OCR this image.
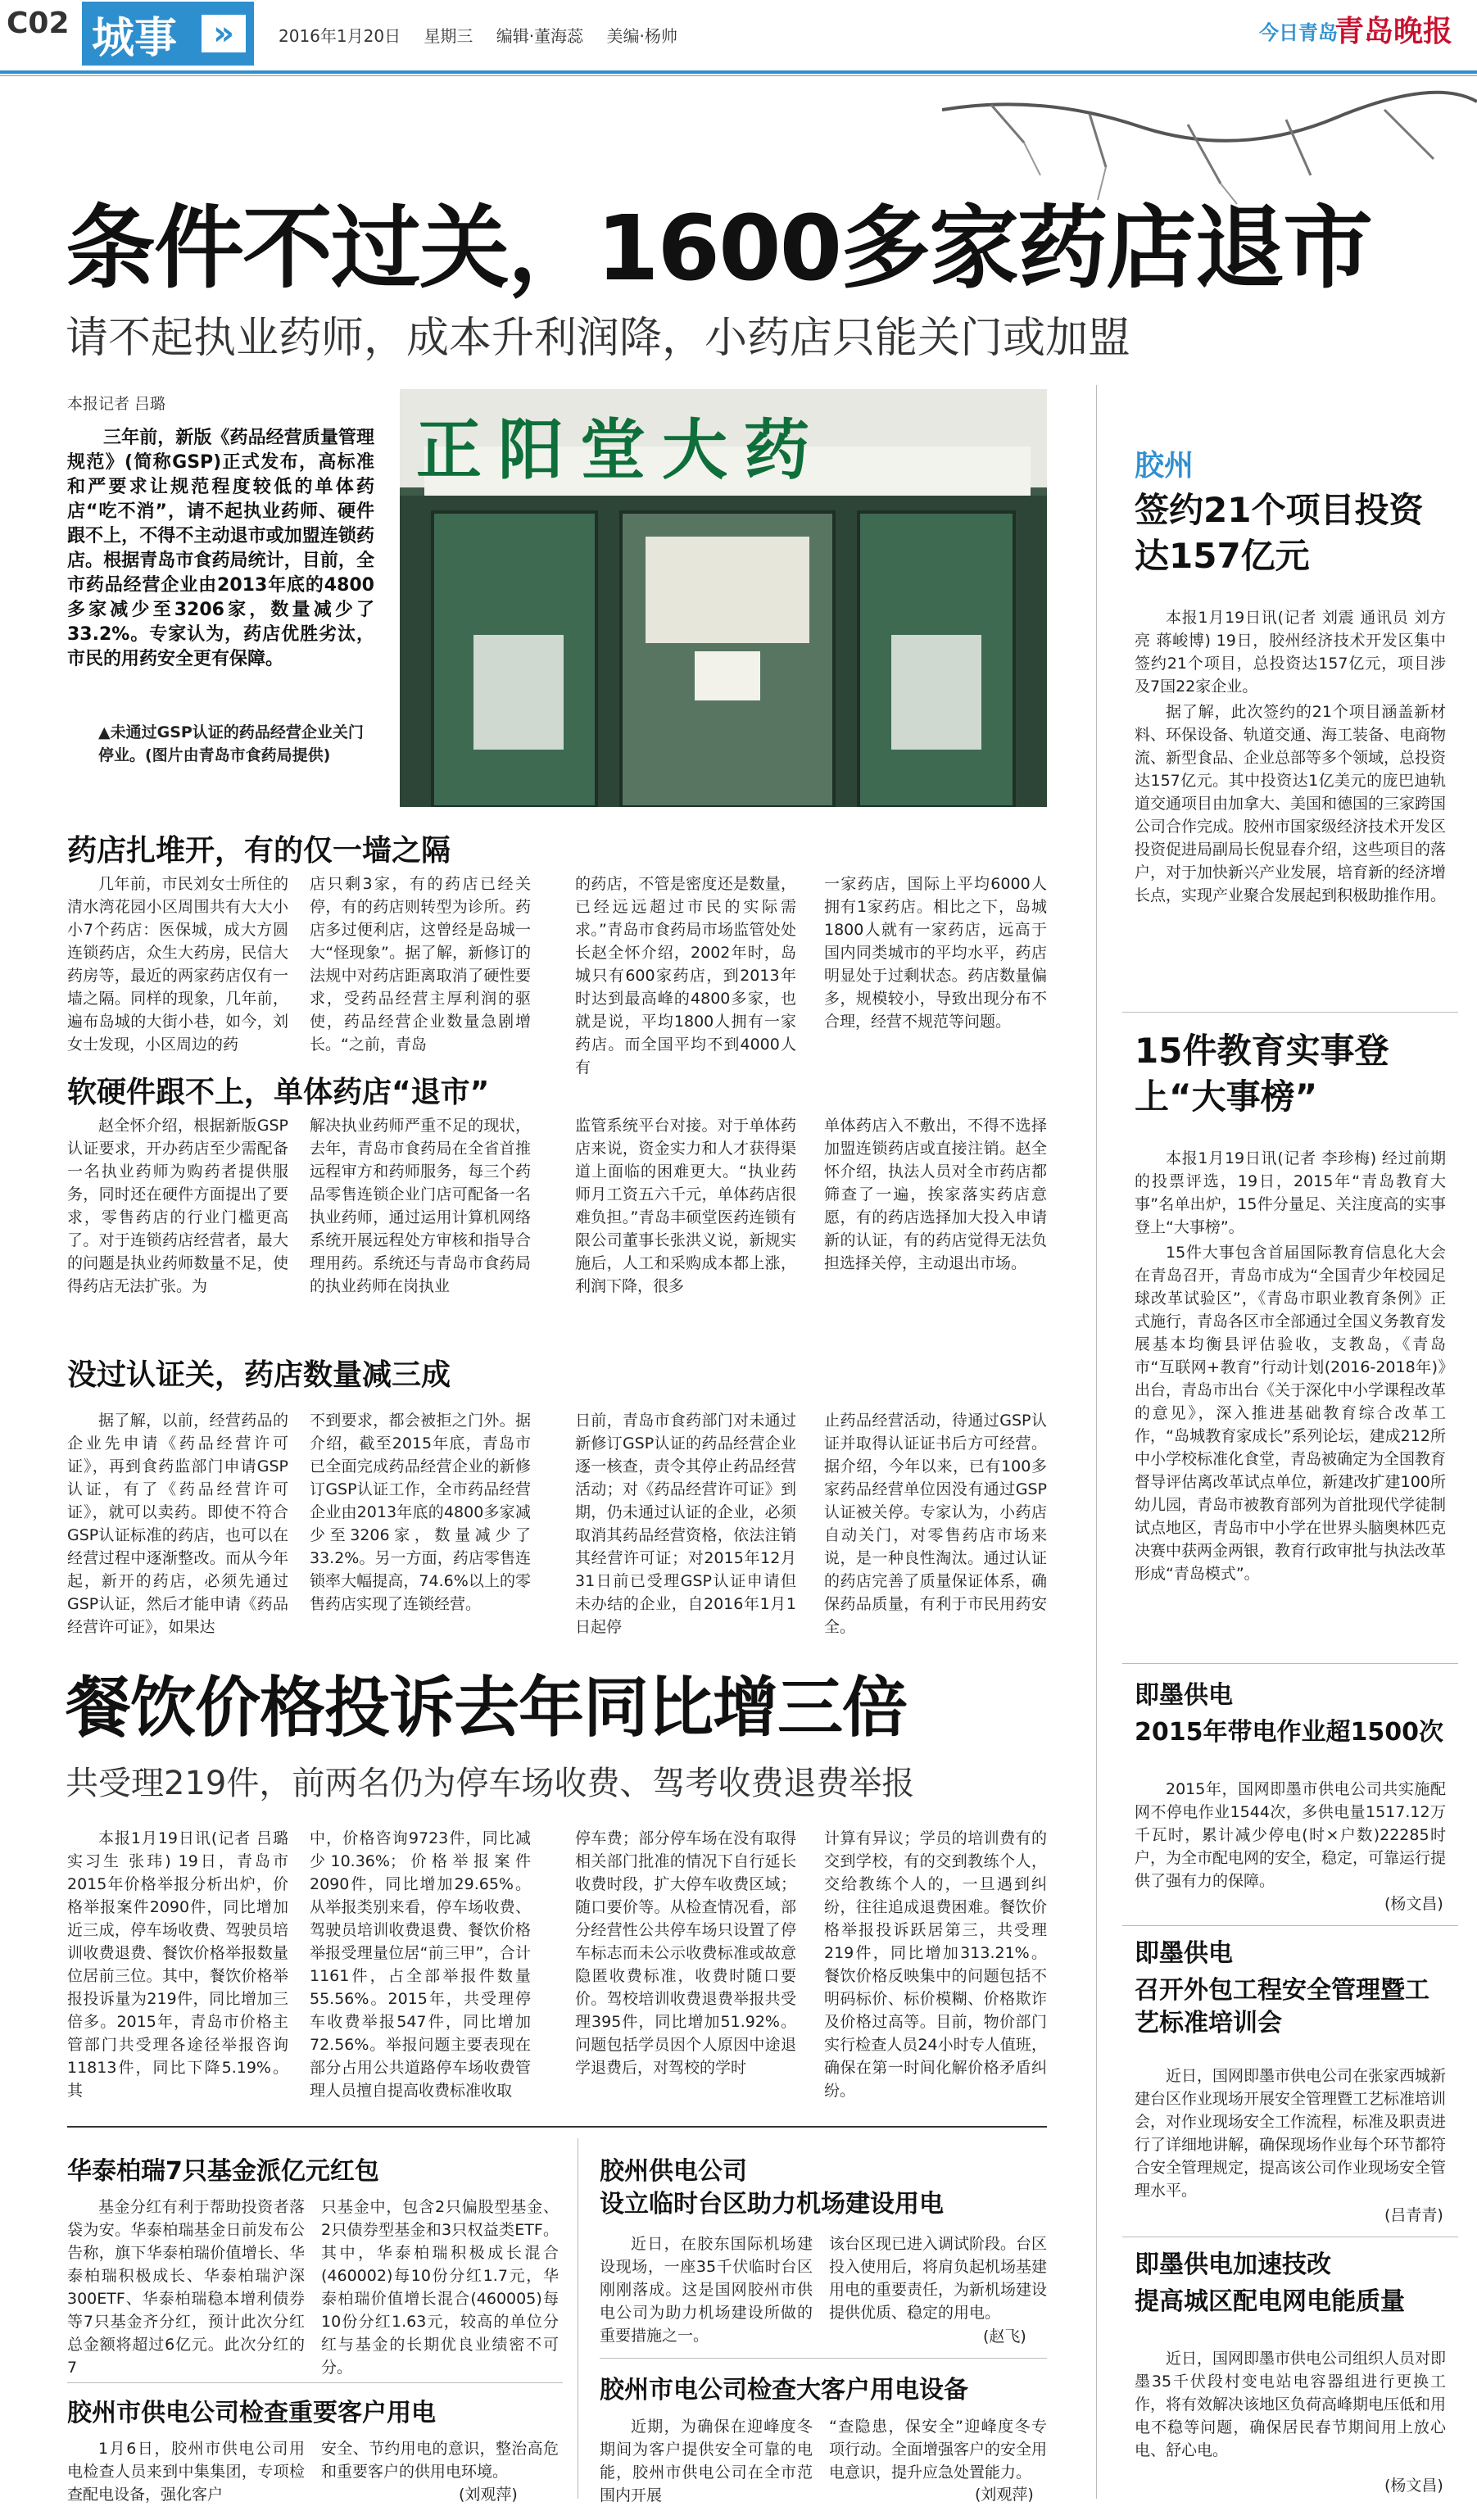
C02 城事	»	2016年1月20日 星期三 编辑·董海蕊 美编·杨帅	今日青岛
青岛晚报
条件不过关，1600多家药店退市
请不起执业药师，成本升利润降，小药店只能关门或加盟
本报记者 吕璐
三年前，新版《药品经营质量管理规范》(简称GSP)正式发布，高标准和严要求让规范程度较低的单体药店“吃不消”，请不起执业药师、硬件跟不上，不得不主动退市或加盟连锁药店。根据青岛市食药局统计，目前，全市药品经营企业由2013年底的4800多家减少至3206家，数量减少了33.2%。专家认为，药店优胜劣汰，市民的用药安全更有保障。
▲未通过GSP认证的药品经营企业关门停业。(图片由青岛市食药局提供)
正阳堂大药
药店扎堆开，有的仅一墙之隔
几年前，市民刘女士所住的清水湾花园小区周围共有大大小小7个药店：医保城，成大方圆连锁药店，众生大药房，民信大药房等，最近的两家药店仅有一墙之隔。同样的现象，几年前，遍布岛城的大街小巷，如今，刘女士发现，小区周边的药
店只剩3家，有的药店已经关停，有的药店则转型为诊所。药店多过便利店，这曾经是岛城一大“怪现象”。据了解，新修订的法规中对药店距离取消了硬性要求，受药品经营主厚利润的驱使，药品经营企业数量急剧增长。“之前，青岛
的药店，不管是密度还是数量，已经远远超过市民的实际需求。”青岛市食药局市场监管处处长赵全怀介绍，2002年时，岛城只有600家药店，到2013年时达到最高峰的4800多家，也就是说，平均1800人拥有一家药店。而全国平均不到4000人有
一家药店，国际上平均6000人拥有1家药店。相比之下，岛城1800人就有一家药店，远高于国内同类城市的平均水平，药店明显处于过剩状态。药店数量偏多，规模较小，导致出现分布不合理，经营不规范等问题。
软硬件跟不上，单体药店“退市”
赵全怀介绍，根据新版GSP认证要求，开办药店至少需配备一名执业药师为购药者提供服务，同时还在硬件方面提出了要求，零售药店的行业门槛更高了。对于连锁药店经营者，最大的问题是执业药师数量不足，使得药店无法扩张。为
解决执业药师严重不足的现状，去年，青岛市食药局在全省首推远程审方和药师服务，每三个药品零售连锁企业门店可配备一名执业药师，通过运用计算机网络系统开展远程处方审核和指导合理用药。系统还与青岛市食药局的执业药师在岗执业
监管系统平台对接。对于单体药店来说，资金实力和人才获得渠道上面临的困难更大。“执业药师月工资五六千元，单体药店很难负担。”青岛丰硕堂医药连锁有限公司董事长张洪义说，新规实施后，人工和采购成本都上涨，利润下降，很多
单体药店入不敷出，不得不选择加盟连锁药店或直接注销。赵全怀介绍，执法人员对全市药店都筛查了一遍，挨家落实药店意愿，有的药店选择加大投入申请新的认证，有的药店觉得无法负担选择关停，主动退出市场。
没过认证关，药店数量减三成
据了解，以前，经营药品的企业先申请《药品经营许可证》，再到食药监部门申请GSP认证，有了《药品经营许可证》，就可以卖药。即使不符合GSP认证标准的药店，也可以在经营过程中逐渐整改。而从今年起，新开的药店，必须先通过GSP认证，然后才能申请《药品经营许可证》，如果达
不到要求，都会被拒之门外。据介绍，截至2015年底，青岛市已全面完成药品经营企业的新修订GSP认证工作，全市药品经营企业由2013年底的4800多家减少至3206家，数量减少了33.2%。另一方面，药店零售连锁率大幅提高，74.6%以上的零售药店实现了连锁经营。
日前，青岛市食药部门对未通过新修订GSP认证的药品经营企业逐一核查，责令其停止药品经营活动；对《药品经营许可证》到期，仍未通过认证的企业，必须取消其药品经营资格，依法注销其经营许可证；对2015年12月31日前已受理GSP认证申请但未办结的企业，自2016年1月1日起停
止药品经营活动，待通过GSP认证并取得认证证书后方可经营。据介绍，今年以来，已有100多家药品经营单位因没有通过GSP认证被关停。专家认为，小药店自动关门，对零售药店市场来说，是一种良性淘汰。通过认证的药店完善了质量保证体系，确保药品质量，有利于市民用药安全。
胶州
签约21个项目投资达157亿元
本报1月19日讯(记者 刘震 通讯员 刘方亮 蒋峻博) 19日，胶州经济技术开发区集中签约21个项目，总投资达157亿元，项目涉及7国22家企业。
据了解，此次签约的21个项目涵盖新材料、环保设备、轨道交通、海工装备、电商物流、新型食品、企业总部等多个领域，总投资达157亿元。其中投资达1亿美元的庞巴迪轨道交通项目由加拿大、美国和德国的三家跨国公司合作完成。胶州市国家级经济技术开发区投资促进局副局长倪显春介绍，这些项目的落户，对于加快新兴产业发展，培育新的经济增长点，实现产业聚合发展起到积极助推作用。
15件教育实事登上“大事榜”
本报1月19日讯(记者 李珍梅) 经过前期的投票评选，19日，2015年“青岛教育大事”名单出炉，15件分量足、关注度高的实事登上“大事榜”。
15件大事包含首届国际教育信息化大会在青岛召开，青岛市成为“全国青少年校园足球改革试验区”，《青岛市职业教育条例》正式施行，青岛各区市全部通过全国义务教育发展基本均衡县评估验收，支教岛，《青岛市“互联网+教育”行动计划(2016-2018年)》出台，青岛市出台《关于深化中小学课程改革的意见》，深入推进基础教育综合改革工作，“岛城教育家成长”系列论坛，建成212所中小学校标准化食堂，青岛被确定为全国教育督导评估离改革试点单位，新建改扩建100所幼儿园，青岛市被教育部列为首批现代学徒制试点地区，青岛市中小学在世界头脑奥林匹克决赛中获两金两银，教育行政审批与执法改革形成“青岛模式”。
即墨供电
2015年带电作业超1500次
2015年，国网即墨市供电公司共实施配网不停电作业1544次，多供电量1517.12万千瓦时，累计减少停电(时×户数)22285时户，为全市配电网的安全，稳定，可靠运行提供了强有力的保障。
(杨文昌)
即墨供电
召开外包工程安全管理暨工艺标准培训会
近日，国网即墨市供电公司在张家西城新建台区作业现场开展安全管理暨工艺标准培训会，对作业现场安全工作流程，标准及职责进行了详细地讲解，确保现场作业每个环节都符合安全管理规定，提高该公司作业现场安全管理水平。
(吕青青)
即墨供电加速技改
提高城区配电网电能质量
近日，国网即墨市供电公司组织人员对即墨35千伏段村变电站电容器组进行更换工作，将有效解决该地区负荷高峰期电压低和用电不稳等问题，确保居民春节期间用上放心电、舒心电。
(杨文昌)
餐饮价格投诉去年同比增三倍
共受理219件，前两名仍为停车场收费、驾考收费退费举报
本报1月19日讯(记者 吕璐 实习生 张玮) 19日，青岛市2015年价格举报分析出炉，价格举报案件2090件，同比增加近三成，停车场收费、驾驶员培训收费退费、餐饮价格举报数量位居前三位。其中，餐饮价格举报投诉量为219件，同比增加三倍多。2015年，青岛市价格主管部门共受理各途径举报咨询11813件，同比下降5.19%。其
中，价格咨询9723件，同比减少10.36%；价格举报案件2090件，同比增加29.65%。从举报类别来看，停车场收费、驾驶员培训收费退费、餐饮价格举报受理量位居“前三甲”，合计1161件，占全部举报件数量55.56%。2015年，共受理停车收费举报547件，同比增加72.56%。举报问题主要表现在部分占用公共道路停车场收费管理人员擅自提高收费标准收取
停车费；部分停车场在没有取得相关部门批准的情况下自行延长收费时段，扩大停车收费区域；随口要价等。从检查情况看，部分经营性公共停车场只设置了停车标志而未公示收费标准或故意隐匿收费标准，收费时随口要价。驾校培训收费退费举报共受理395件，同比增加51.92%。问题包括学员因个人原因中途退学退费后，对驾校的学时
计算有异议；学员的培训费有的交到学校，有的交到教练个人，交给教练个人的，一旦遇到纠纷，往往追成退费困难。餐饮价格举报投诉跃居第三，共受理219件，同比增加313.21%。餐饮价格反映集中的问题包括不明码标价、标价模糊、价格欺诈及价格过高等。目前，物价部门实行检查人员24小时专人值班，确保在第一时间化解价格矛盾纠纷。
华泰柏瑞7只基金派亿元红包
基金分红有利于帮助投资者落袋为安。华泰柏瑞基金日前发布公告称，旗下华泰柏瑞价值增长、华泰柏瑞积极成长、华泰柏瑞沪深300ETF、华泰柏瑞稳本增利债券等7只基金齐分红，预计此次分红总金额将超过6亿元。此次分红的7
只基金中，包含2只偏股型基金、2只债券型基金和3只权益类ETF。其中，华泰柏瑞积极成长混合(460002)每10份分红1.7元，华泰柏瑞价值增长混合(460005)每10份分红1.63元，较高的单位分红与基金的长期优良业绩密不可分。
胶州市供电公司检查重要客户用电
1月6日，胶州市供电公司用电检查人员来到中集集团，专项检查配电设备，强化客户
安全、节约用电的意识，整治高危和重要客户的供用电环境。
(刘观萍)
胶州供电公司
设立临时台区助力机场建设用电
近日，在胶东国际机场建设现场，一座35千伏临时台区刚刚落成。这是国网胶州市供电公司为助力机场建设所做的重要措施之一。
该台区现已进入调试阶段。台区投入使用后，将肩负起机场基建用电的重要责任，为新机场建设提供优质、稳定的用电。
(赵飞)
胶州市电公司检查大客户用电设备
近期，为确保在迎峰度冬期间为客户提供安全可靠的电能，胶州市供电公司在全市范围内开展
“查隐患，保安全”迎峰度冬专项行动。全面增强客户的安全用电意识，提升应急处置能力。
(刘观萍)
